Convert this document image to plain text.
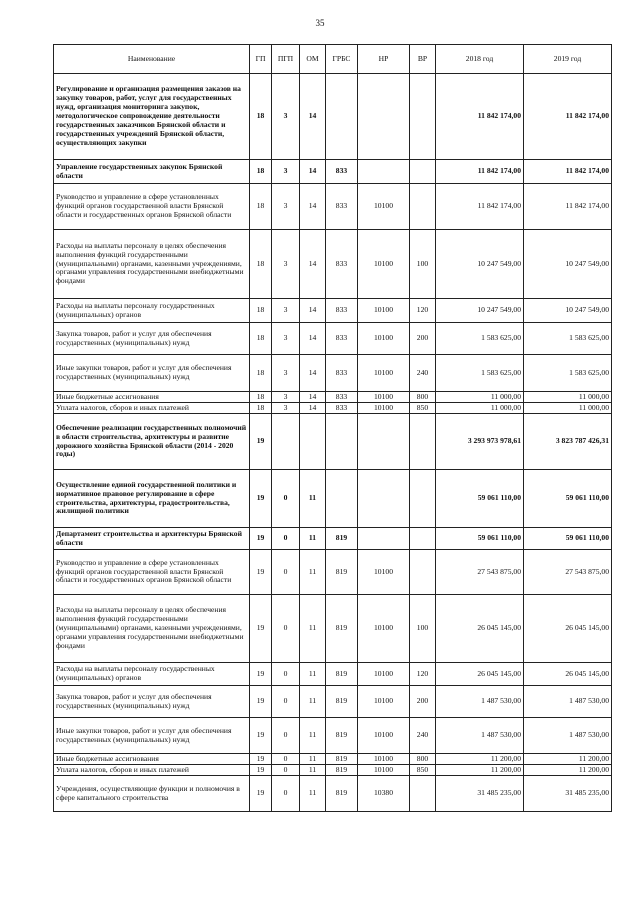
35
Наименование	ГП	ПГП	ОМ	ГРБС	НР	ВР	2018 год	2019 год
Регулирование и организация размещения заказов на закупку товаров, работ, услуг для государственных нужд, организация мониторинга закупок, методологическое сопровождение деятельности государственных заказчиков Брянской области и государственных учреждений Брянской области, осуществляющих закупки	18	3	14				11 842 174,00	11 842 174,00
Управление государственных закупок Брянской области	18	3	14	833			11 842 174,00	11 842 174,00
Руководство и управление в сфере установленных функций органов государственной власти Брянской области и государственных органов Брянской области	18	3	14	833	10100		11 842 174,00	11 842 174,00
Расходы на выплаты персоналу в целях обеспечения выполнения функций государственными (муниципальными) органами, казенными учреждениями, органами управления государственными внебюджетными фондами	18	3	14	833	10100	100	10 247 549,00	10 247 549,00
Расходы на выплаты персоналу государственных (муниципальных) органов	18	3	14	833	10100	120	10 247 549,00	10 247 549,00
Закупка товаров, работ и услуг для обеспечения государственных (муниципальных) нужд	18	3	14	833	10100	200	1 583 625,00	1 583 625,00
Иные закупки товаров, работ и услуг для обеспечения государственных (муниципальных) нужд	18	3	14	833	10100	240	1 583 625,00	1 583 625,00
Иные бюджетные ассигнования	18	3	14	833	10100	800	11 000,00	11 000,00
Уплата налогов, сборов и иных платежей	18	3	14	833	10100	850	11 000,00	11 000,00
Обеспечение реализации государственных полномочий в области строительства, архитектуры и развитие дорожного хозяйства Брянской области (2014 - 2020 годы)	19						3 293 973 978,61	3 823 787 426,31
Осуществление единой государственной политики и нормативное правовое регулирование в сфере строительства, архитектуры, градостроительства, жилищной политики	19	0	11				59 061 110,00	59 061 110,00
Департамент строительства и архитектуры Брянской области	19	0	11	819			59 061 110,00	59 061 110,00
Руководство и управление в сфере установленных функций органов государственной власти Брянской области и государственных органов Брянской области	19	0	11	819	10100		27 543 875,00	27 543 875,00
Расходы на выплаты персоналу в целях обеспечения выполнения функций государственными (муниципальными) органами, казенными учреждениями, органами управления государственными внебюджетными фондами	19	0	11	819	10100	100	26 045 145,00	26 045 145,00
Расходы на выплаты персоналу государственных (муниципальных) органов	19	0	11	819	10100	120	26 045 145,00	26 045 145,00
Закупка товаров, работ и услуг для обеспечения государственных (муниципальных) нужд	19	0	11	819	10100	200	1 487 530,00	1 487 530,00
Иные закупки товаров, работ и услуг для обеспечения государственных (муниципальных) нужд	19	0	11	819	10100	240	1 487 530,00	1 487 530,00
Иные бюджетные ассигнования	19	0	11	819	10100	800	11 200,00	11 200,00
Уплата налогов, сборов и иных платежей	19	0	11	819	10100	850	11 200,00	11 200,00
Учреждения, осуществляющие функции и полномочия в сфере капитального строительства	19	0	11	819	10380		31 485 235,00	31 485 235,00
